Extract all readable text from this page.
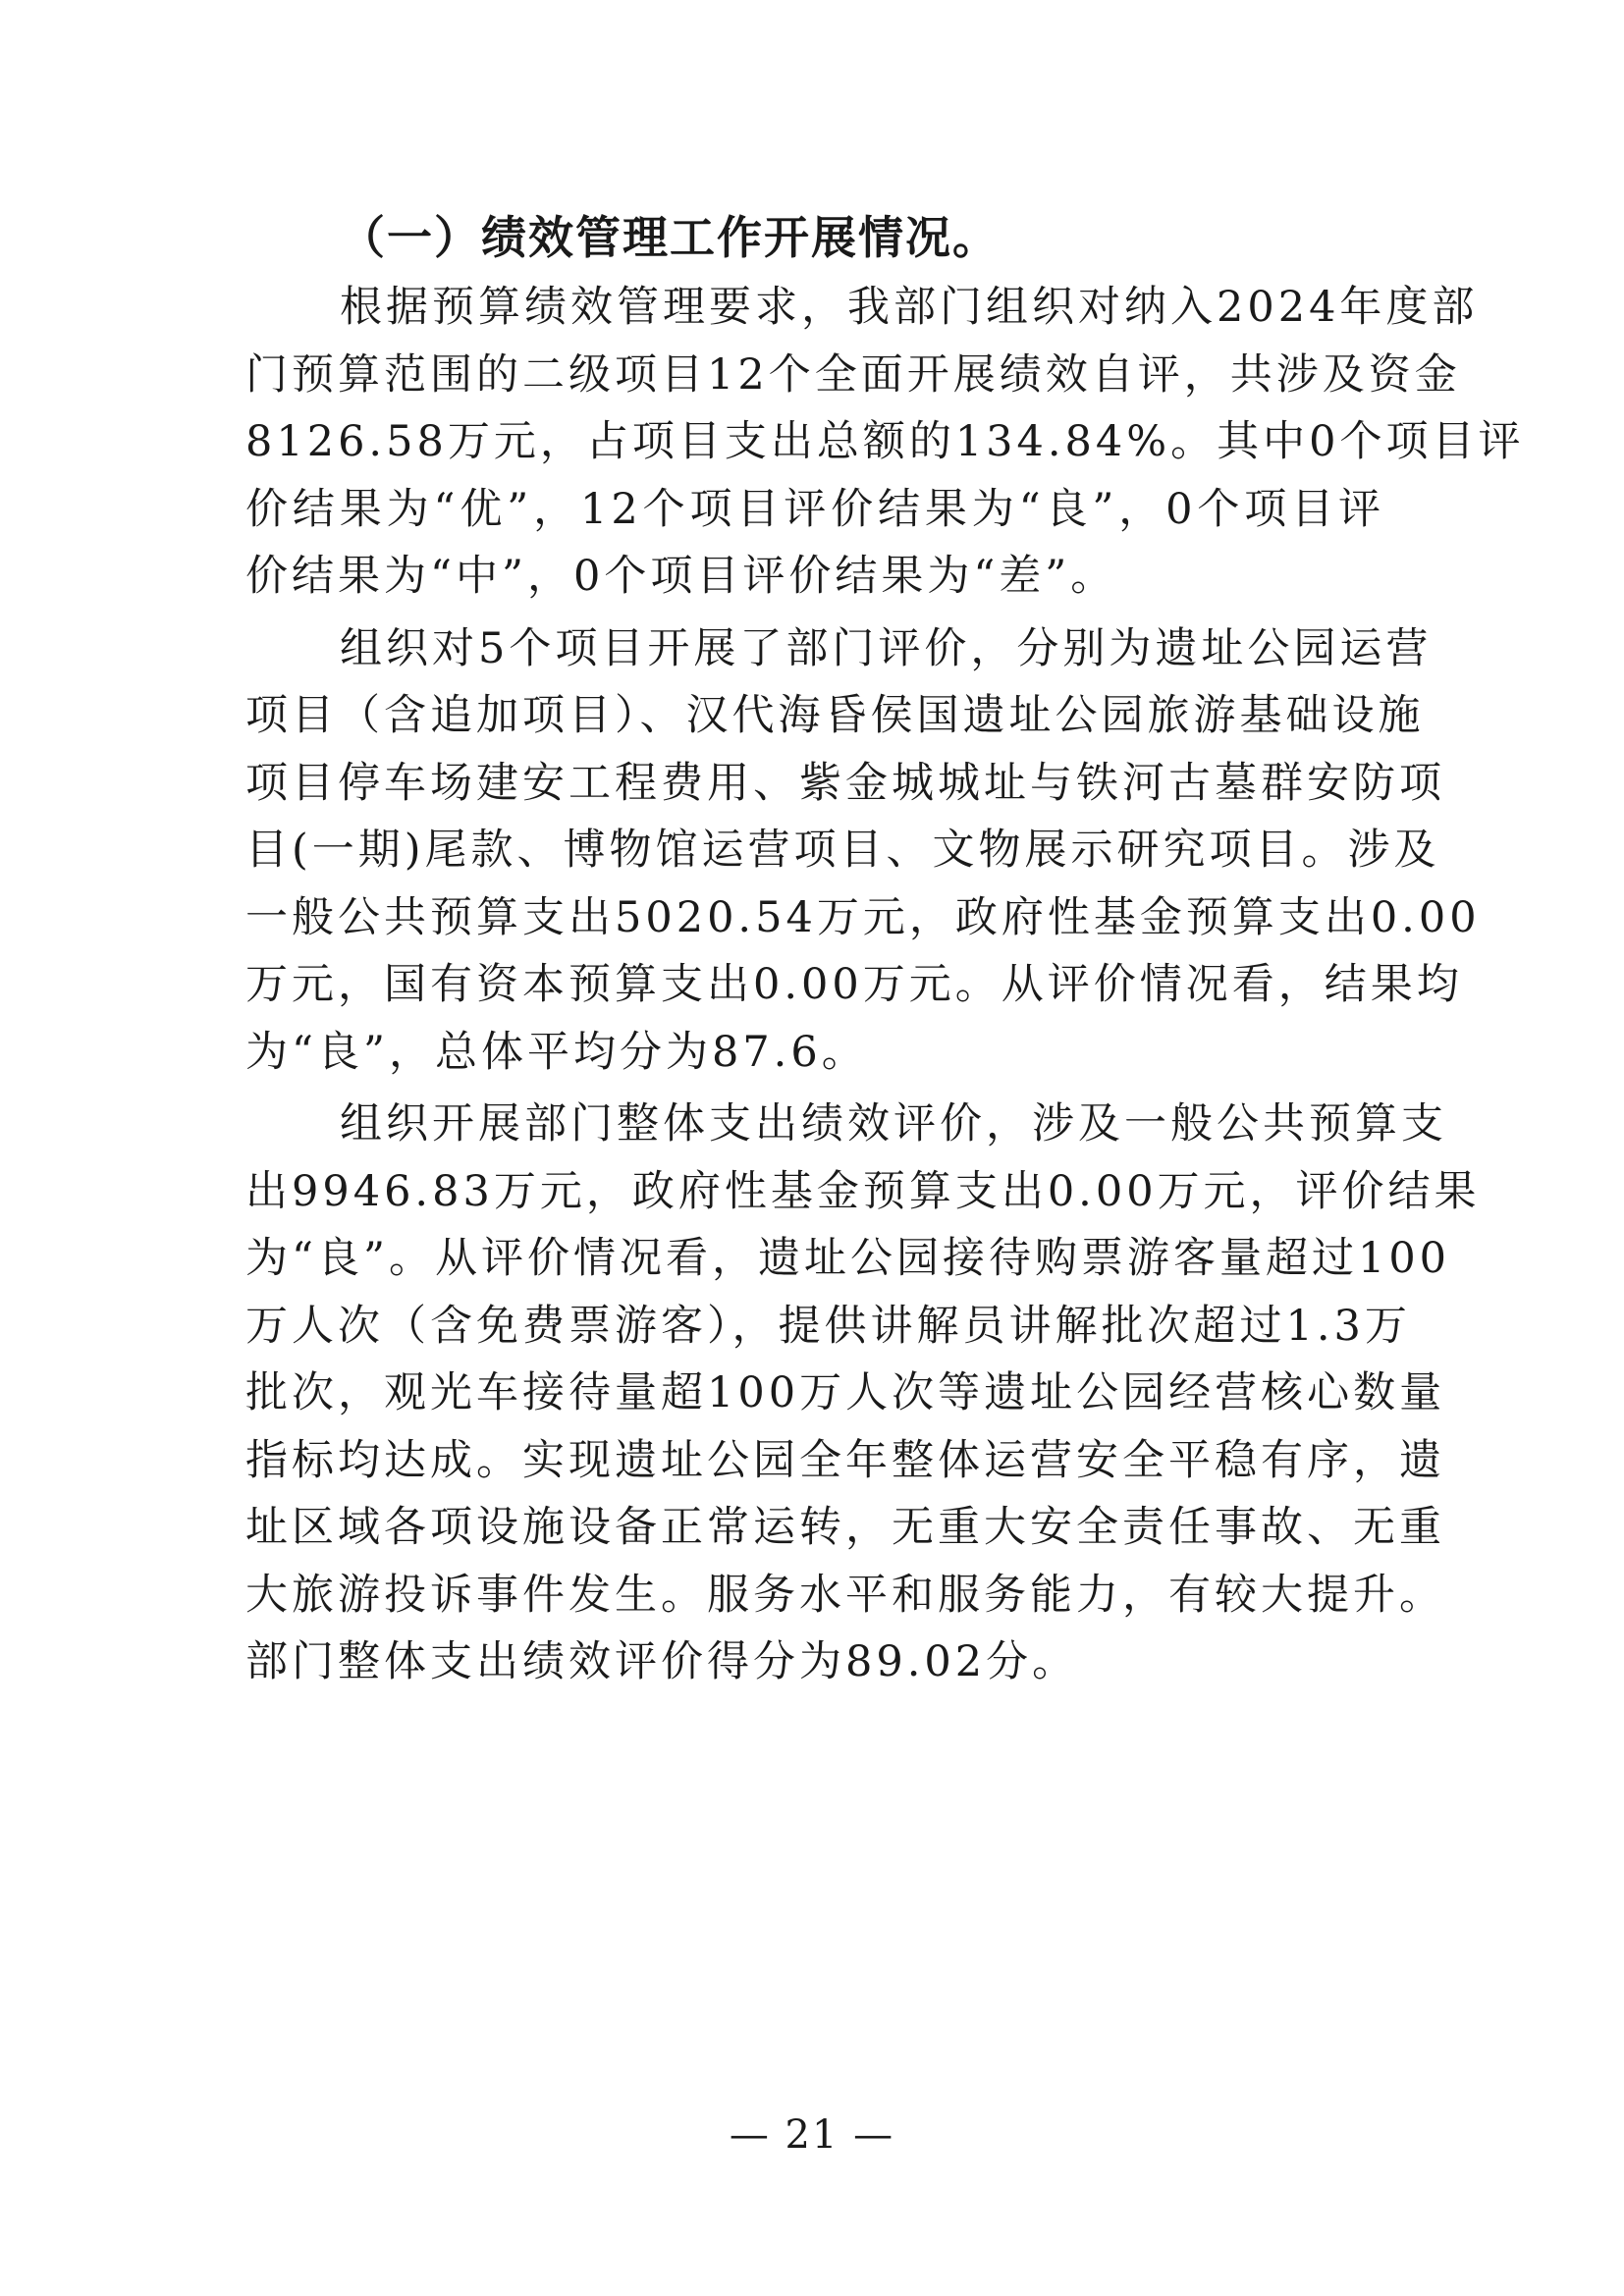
（一）绩效管理工作开展情况。
根据预算绩效管理要求，我部门组织对纳入2024年度部
门预算范围的二级项目12个全面开展绩效自评，共涉及资金
8126.58万元，占项目支出总额的134.84%。其中0个项目评
价结果为“优”，12个项目评价结果为“良”，0个项目评
价结果为“中”，0个项目评价结果为“差”。
组织对5个项目开展了部门评价，分别为遗址公园运营
项目（含追加项目）、汉代海昏侯国遗址公园旅游基础设施
项目停车场建安工程费用、紫金城城址与铁河古墓群安防项
目(一期)尾款、博物馆运营项目、文物展示研究项目。涉及
一般公共预算支出5020.54万元，政府性基金预算支出0.00
万元，国有资本预算支出0.00万元。从评价情况看，结果均
为“良”，总体平均分为87.6。
组织开展部门整体支出绩效评价，涉及一般公共预算支
出9946.83万元，政府性基金预算支出0.00万元，评价结果
为“良”。从评价情况看，遗址公园接待购票游客量超过100
万人次（含免费票游客），提供讲解员讲解批次超过1.3万
批次，观光车接待量超100万人次等遗址公园经营核心数量
指标均达成。实现遗址公园全年整体运营安全平稳有序，遗
址区域各项设施设备正常运转，无重大安全责任事故、无重
大旅游投诉事件发生。服务水平和服务能力，有较大提升。
部门整体支出绩效评价得分为89.02分。
— 21 —
